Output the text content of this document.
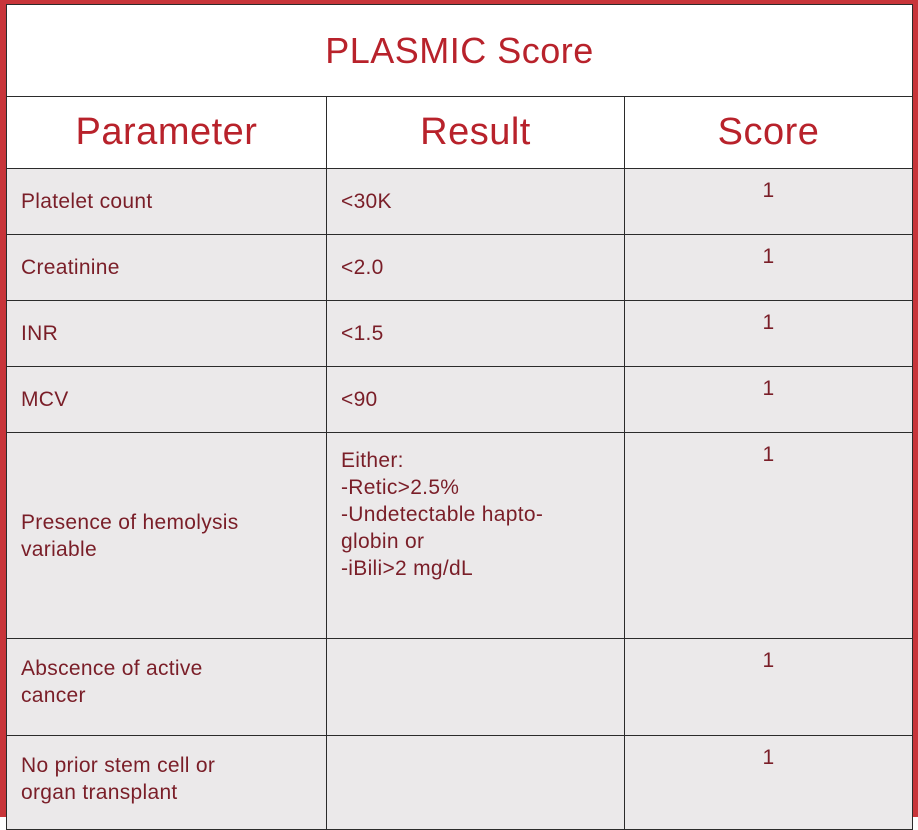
PLASMIC Score		
Parameter	Result	Score

Platelet count	<30K	1

Creatinine	<2.0	1

INR	<1.5	1

MCV	<90	1

Presence of hemolysis
variable	Either:
-Retic>2.5%
-Undetectable hapto-
globin or
-iBili>2 mg/dL	1

Abscence of active
cancer		1

No prior stem cell or
organ transplant		1
